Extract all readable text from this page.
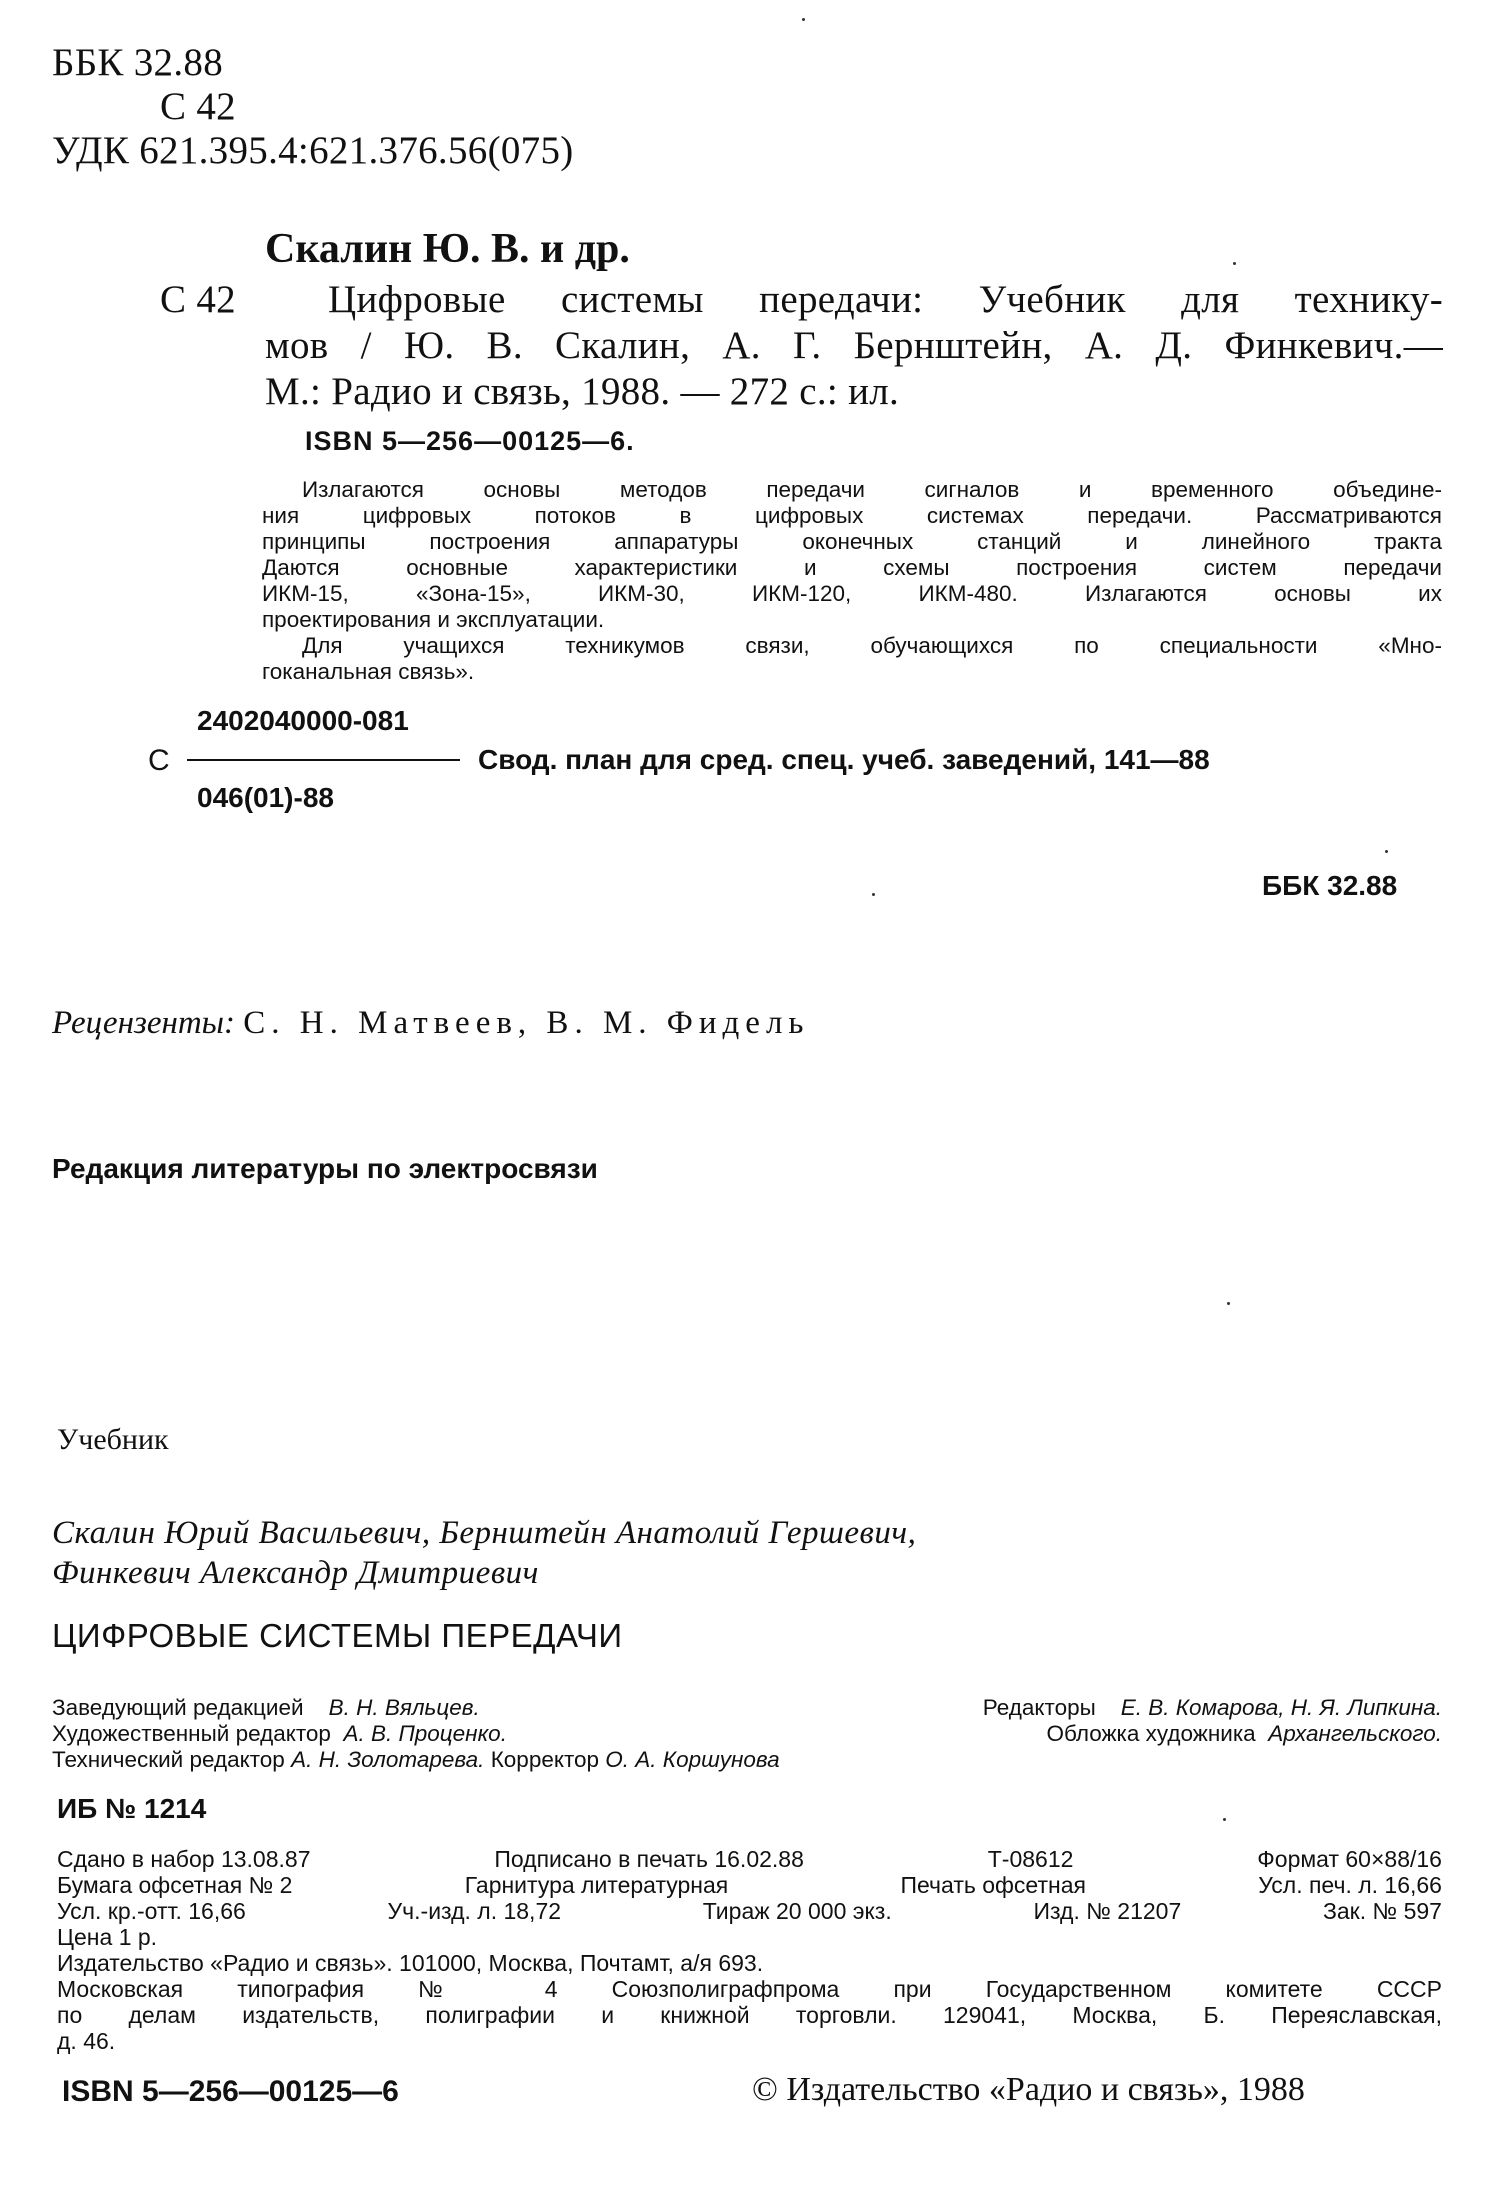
ББК 32.88
С 42
УДК 621.395.4:621.376.56(075)
Скалин Ю. В. и др.
С 42 Цифровые системы передачи: Учебник для технику-
мов / Ю. В. Скалин, А. Г. Бернштейн, А. Д. Финкевич.—
М.: Радио и связь, 1988. — 272 с.: ил.
ISBN 5—256—00125—6.
Излагаются основы методов передачи сигналов и временного объедине-
ния цифровых потоков в цифровых системах передачи. Рассматриваются
принципы построения аппаратуры оконечных станций и линейного тракта
Даются основные характеристики и схемы построения систем передачи
ИКМ-15, «Зона-15», ИКМ-30, ИКМ-120, ИКМ-480. Излагаются основы их
проектирования и эксплуатации.
Для учащихся техникумов связи, обучающихся по специальности «Мно-
гоканальная связь».
2402040000-081
С	Свод. план для сред. спец. учеб. заведений, 141—88
046(01)-88
ББК 32.88
Рецензенты: С. Н. Матвеев, В. М. Фидель
Редакция литературы по электросвязи
Учебник
Скалин Юрий Васильевич, Бернштейн Анатолий Гершевич,
Финкевич Александр Дмитриевич
ЦИФРОВЫЕ СИСТЕМЫ ПЕРЕДАЧИ
Заведующий редакцией В. Н. Вяльцев.	Редакторы Е. В. Комарова, Н. Я. Липкина.
Художественный редактор А. В. Проценко.	Обложка художника Архангельского.
Технический редактор А. Н. Золотарева. Корректор О. А. Коршунова
ИБ № 1214
Сдано в набор 13.08.87	Подписано в печать 16.02.88	Т-08612	Формат 60×88/16
Бумага офсетная № 2	Гарнитура литературная	Печать офсетная	Усл. печ. л. 16,66
Усл. кр.-отт. 16,66	Уч.-изд. л. 18,72	Тираж 20 000 экз.	Изд. № 21207	Зак. № 597
Цена 1 р.
Издательство «Радио и связь». 101000, Москва, Почтамт, а/я 693.
Московская типография № 4 Союзполиграфпрома при Государственном комитете СССР
по делам издательств, полиграфии и книжной торговли. 129041, Москва, Б. Переяславская,
д. 46.
ISBN 5—256—00125—6	© Издательство «Радио и связь», 1988
